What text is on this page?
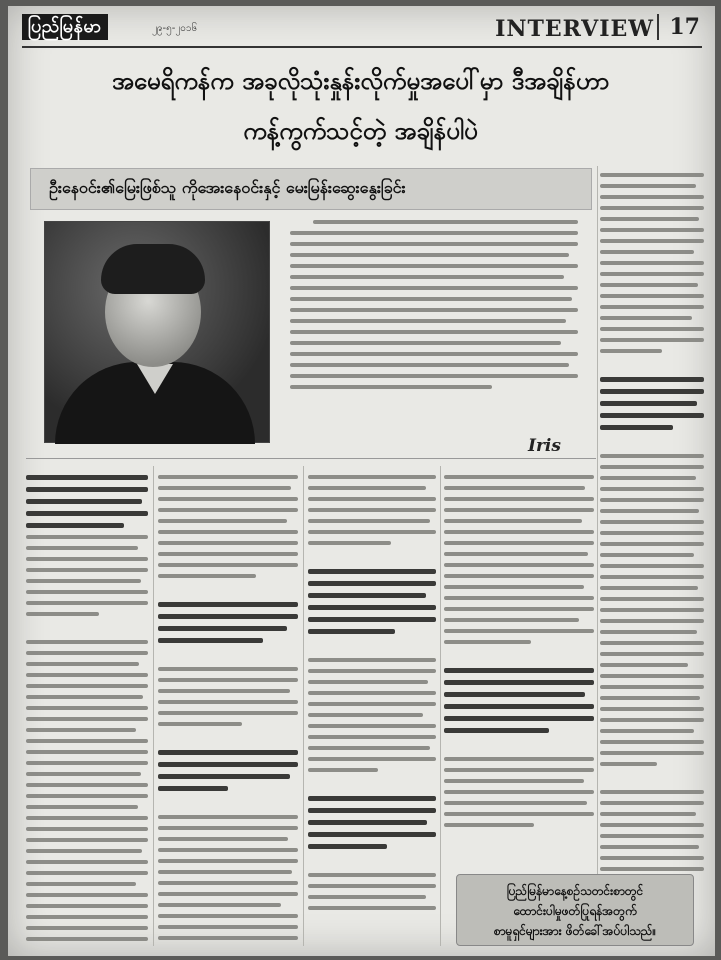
ပြည်မြန်မာ	၂၉-၅-၂၀၁၆	INTERVIEW 17
အမေရိကန်က အခုလိုသုံးနှုန်းလိုက်မှုအပေါ်မှာ ဒီအချိန်ဟာ
ကန့်ကွက်သင့်တဲ့ အချိန်ပါပဲ
ဦးနေဝင်း၏မြေးဖြစ်သူ ကိုအေးနေဝင်းနှင့် မေးမြန်းဆွေးနွေးခြင်း
Iris
ပြည်မြန်မာနေ့စဉ်သတင်းစာတွင်
ထောင်းပါမှုဖတ်ပြုရန်အတွက်
စာမူရှင်များအား ဖိတ်ခေါ်အပ်ပါသည်။
